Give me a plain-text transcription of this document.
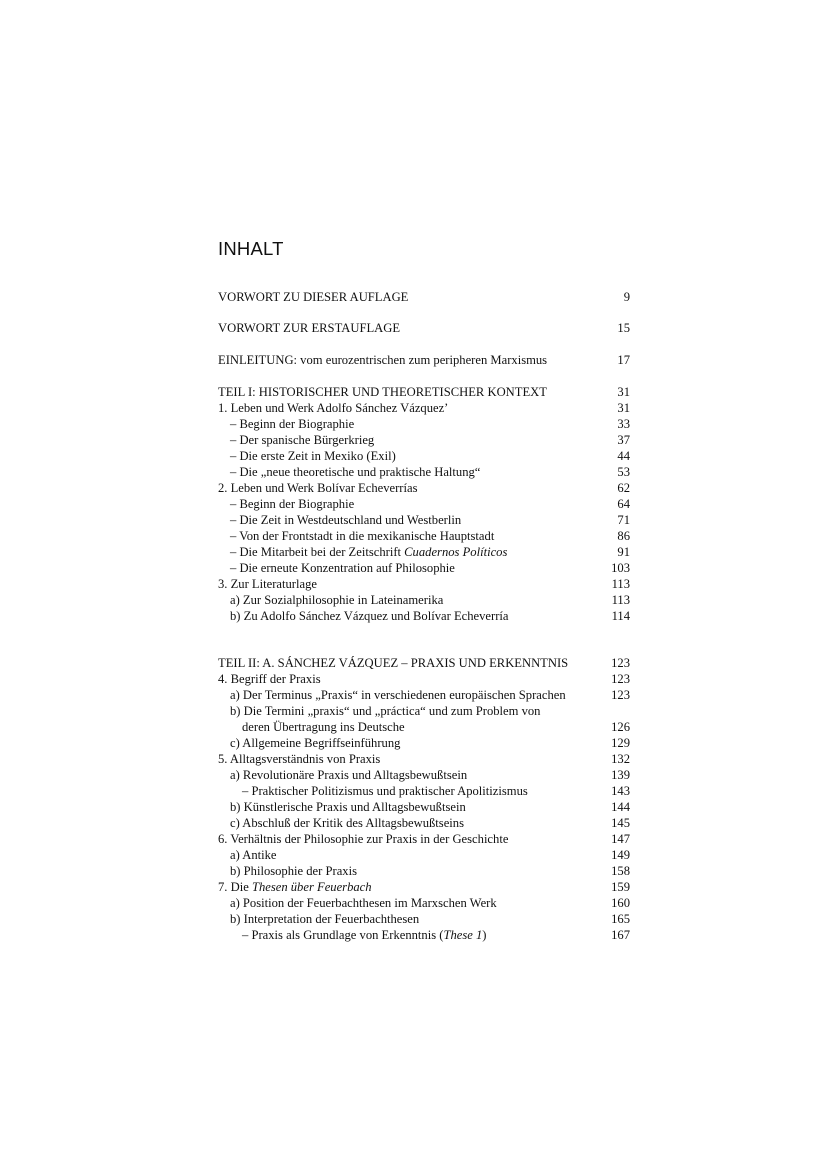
INHALT
VORWORT ZU DIESER AUFLAGE	9
VORWORT ZUR ERSTAUFLAGE	15
EINLEITUNG: vom eurozentrischen zum peripheren Marxismus	17
TEIL I: HISTORISCHER UND THEORETISCHER KONTEXT	31
1. Leben und Werk Adolfo Sánchez Vázquez’	31
– Beginn der Biographie	33
– Der spanische Bürgerkrieg	37
– Die erste Zeit in Mexiko (Exil)	44
– Die „neue theoretische und praktische Haltung“	53
2. Leben und Werk Bolívar Echeverrías	62
– Beginn der Biographie	64
– Die Zeit in Westdeutschland und Westberlin	71
– Von der Frontstadt in die mexikanische Hauptstadt	86
– Die Mitarbeit bei der Zeitschrift Cuadernos Políticos	91
– Die erneute Konzentration auf Philosophie	103
3. Zur Literaturlage	113
a) Zur Sozialphilosophie in Lateinamerika	113
b) Zu Adolfo Sánchez Vázquez und Bolívar Echeverría	114
TEIL II: A. SÁNCHEZ VÁZQUEZ – PRAXIS UND ERKENNTNIS	123
4. Begriff der Praxis	123
a) Der Terminus „Praxis“ in verschiedenen europäischen Sprachen	123
b) Die Termini „praxis“ und „práctica“ und zum Problem von
deren Übertragung ins Deutsche	126
c) Allgemeine Begriffseinführung	129
5. Alltagsverständnis von Praxis	132
a) Revolutionäre Praxis und Alltagsbewußtsein	139
– Praktischer Politizismus und praktischer Apolitizismus	143
b) Künstlerische Praxis und Alltagsbewußtsein	144
c) Abschluß der Kritik des Alltagsbewußtseins	145
6. Verhältnis der Philosophie zur Praxis in der Geschichte	147
a) Antike	149
b) Philosophie der Praxis	158
7. Die Thesen über Feuerbach	159
a) Position der Feuerbachthesen im Marxschen Werk	160
b) Interpretation der Feuerbachthesen	165
– Praxis als Grundlage von Erkenntnis (These 1)	167
